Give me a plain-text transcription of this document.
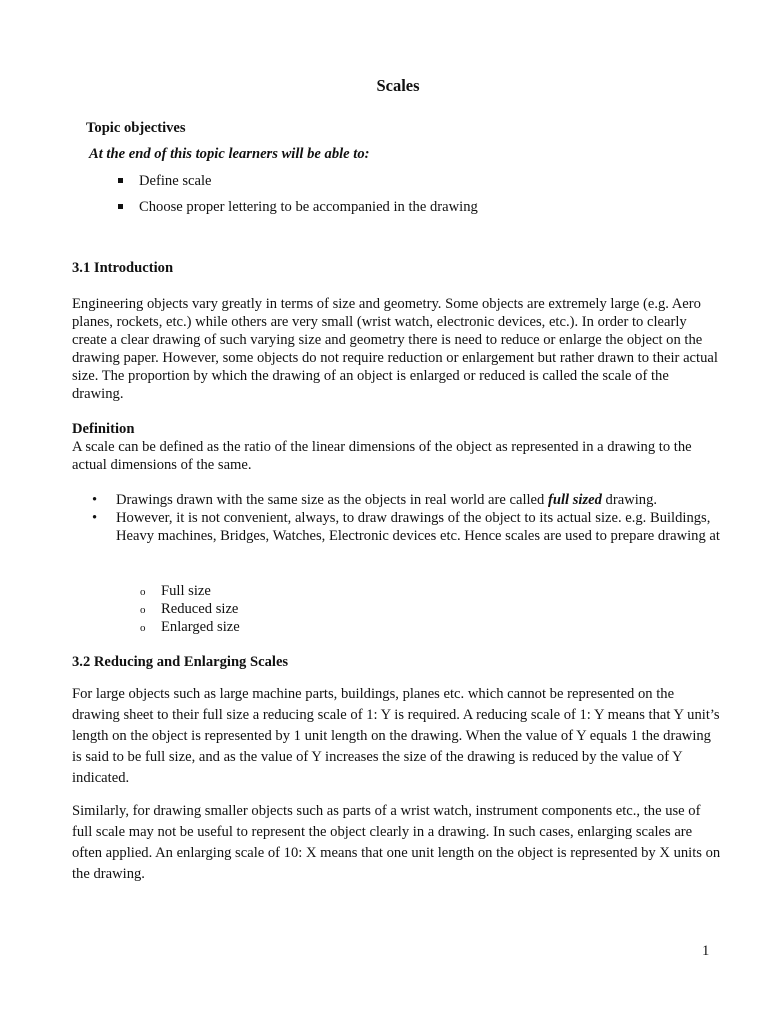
Scales
Topic objectives
At the end of this topic learners will be able to:
Define scale
Choose proper lettering to be accompanied in the drawing
3.1 Introduction

Engineering objects vary greatly in terms of size and geometry. Some objects are extremely large (e.g. Aero planes, rockets, etc.) while others are very small (wrist watch, electronic devices, etc.). In order to clearly create a clear drawing of such varying size and geometry there is need to reduce or enlarge the object on the drawing paper. However, some objects do not require reduction or enlargement but rather drawn to their actual size. The proportion by which the drawing of an object is enlarged or reduced is called the scale of the drawing.

Definition

A scale can be defined as the ratio of the linear dimensions of the object as represented in a drawing to the actual dimensions of the same.

• Drawings drawn with the same size as the objects in real world are called full sized drawing.
• However, it is not convenient, always, to draw drawings of the object to its actual size. e.g. Buildings, Heavy machines, Bridges, Watches, Electronic devices etc. Hence scales are used to prepare drawing at
o Full size
o Reduced size
o Enlarged size
3.2 Reducing and Enlarging Scales

For large objects such as large machine parts, buildings, planes etc. which cannot be represented on the drawing sheet to their full size a reducing scale of 1: Y is required. A reducing scale of 1: Y means that Y unit’s length on the object is represented by 1 unit length on the drawing. When the value of Y equals 1 the drawing is said to be full size, and as the value of Y increases the size of the drawing is reduced by the value of Y indicated.

Similarly, for drawing smaller objects such as parts of a wrist watch, instrument components etc., the use of full scale may not be useful to represent the object clearly in a drawing. In such cases, enlarging scales are often applied. An enlarging scale of 10: X means that one unit length on the object is represented by X units on the drawing.

1
